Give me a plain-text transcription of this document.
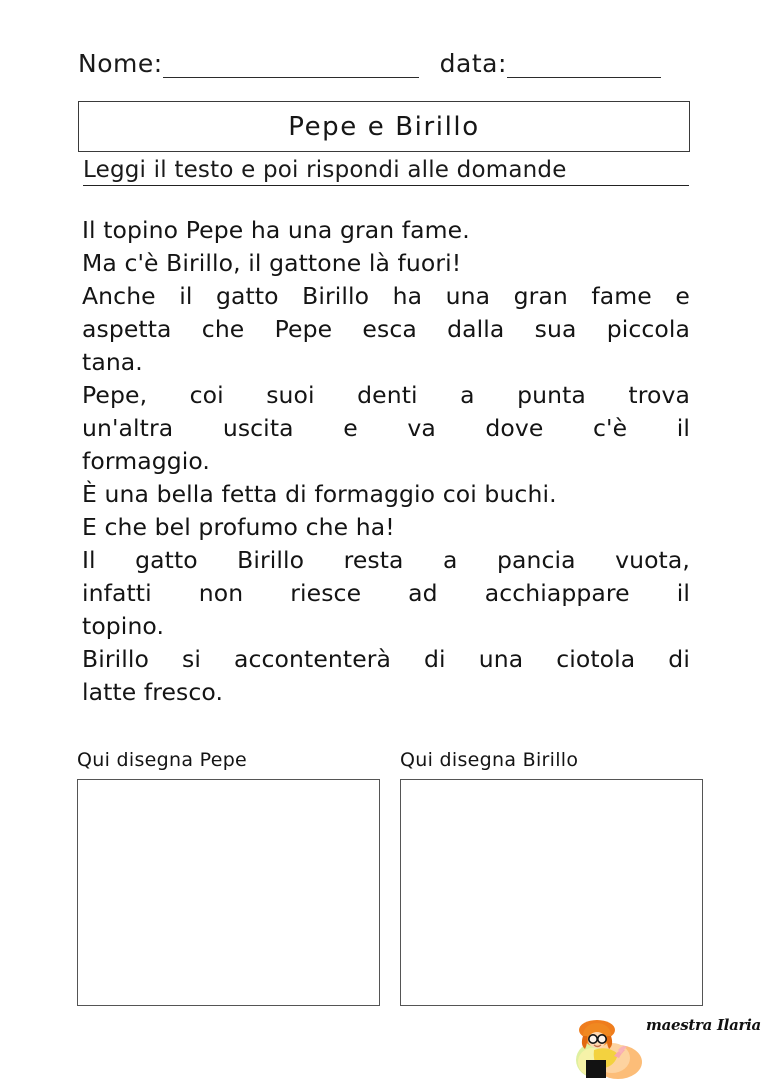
Nome:	data:
Pepe e Birillo
Leggi il testo e poi rispondi alle domande
Il topino Pepe ha una gran fame.
Ma c'è Birillo, il gattone là fuori!
Anche il gatto Birillo ha una gran fame e
aspetta che Pepe esca dalla sua piccola
tana.
Pepe, coi suoi denti a punta trova
un'altra uscita e va dove c'è il
formaggio.
È una bella fetta di formaggio coi buchi.
E che bel profumo che ha!
Il gatto Birillo resta a pancia vuota,
infatti non riesce ad acchiappare il
topino.
Birillo si accontenterà di una ciotola di
latte fresco.
Qui disegna Pepe	Qui disegna Birillo
maestra Ilaria
